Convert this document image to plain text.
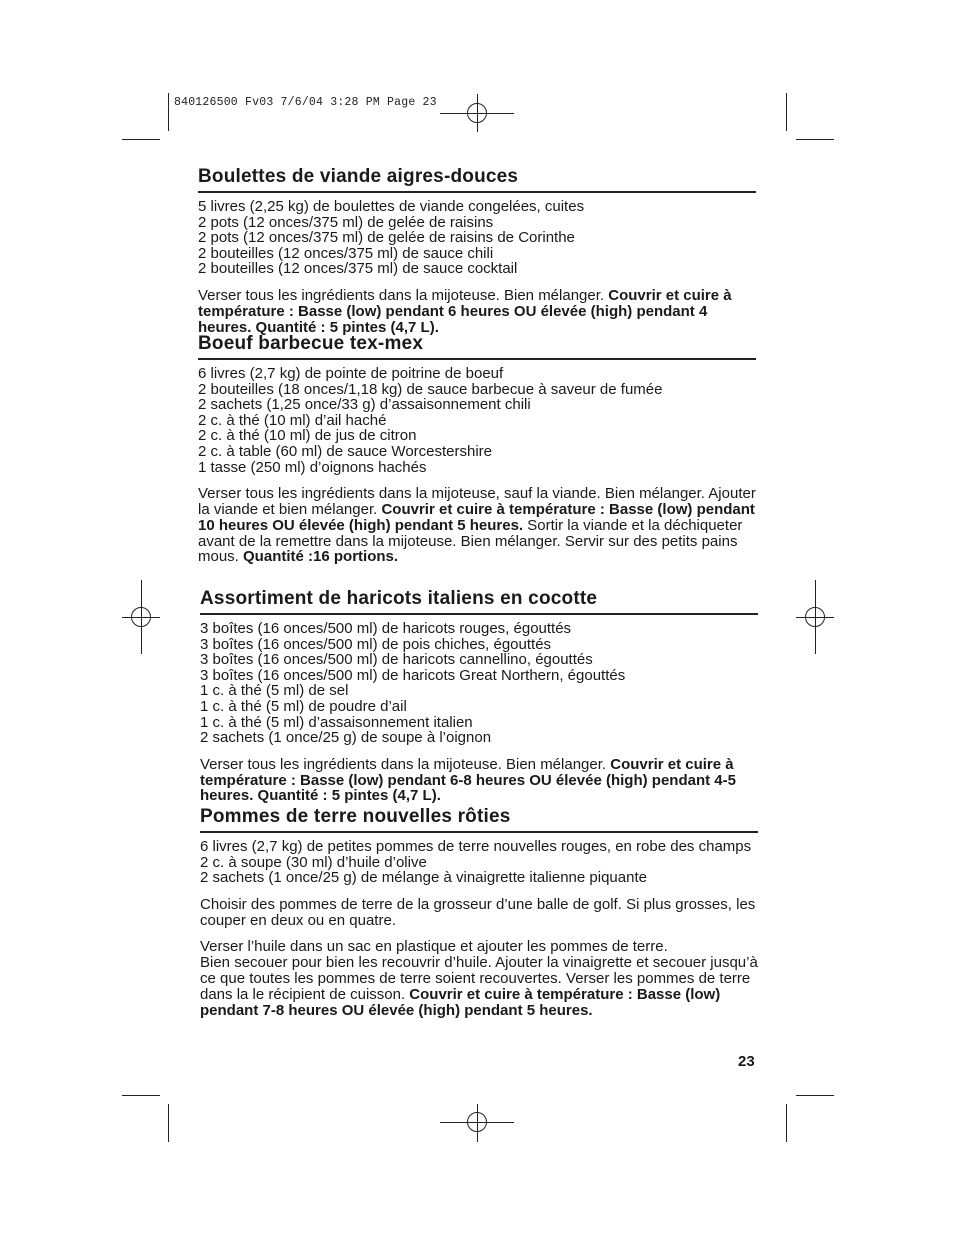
840126500 Fv03 7/6/04 3:28 PM Page 23
Boulettes de viande aigres-douces
5 livres (2,25 kg) de boulettes de viande congelées, cuites
2 pots (12 onces/375 ml) de gelée de raisins
2 pots (12 onces/375 ml) de gelée de raisins de Corinthe
2 bouteilles (12 onces/375 ml) de sauce chili
2 bouteilles (12 onces/375 ml) de sauce cocktail
Verser tous les ingrédients dans la mijoteuse. Bien mélanger. Couvrir et cuire à température : Basse (low) pendant 6 heures OU élevée (high) pendant 4 heures. Quantité : 5 pintes (4,7 L).
Boeuf barbecue tex-mex
6 livres (2,7 kg) de pointe de poitrine de boeuf
2 bouteilles (18 onces/1,18 kg) de sauce barbecue à saveur de fumée
2 sachets (1,25 once/33 g) d’assaisonnement chili
2 c. à thé (10 ml) d’ail haché
2 c. à thé (10 ml) de jus de citron
2 c. à table (60 ml) de sauce Worcestershire
1 tasse (250 ml) d’oignons hachés
Verser tous les ingrédients dans la mijoteuse, sauf la viande. Bien mélanger. Ajouter la viande et bien mélanger. Couvrir et cuire à température : Basse (low) pendant 10 heures OU élevée (high) pendant 5 heures. Sortir la viande et la déchiqueter avant de la remettre dans la mijoteuse. Bien mélanger. Servir sur des petits pains mous. Quantité :16 portions.
Assortiment de haricots italiens en cocotte
3 boîtes (16 onces/500 ml) de haricots rouges, égouttés
3 boîtes (16 onces/500 ml) de pois chiches, égouttés
3 boîtes (16 onces/500 ml) de haricots cannellino, égouttés
3 boîtes (16 onces/500 ml) de haricots Great Northern, égouttés
1 c. à thé (5 ml) de sel
1 c. à thé (5 ml) de poudre d’ail
1 c. à thé (5 ml) d’assaisonnement italien
2 sachets (1 once/25 g) de soupe à l’oignon
Verser tous les ingrédients dans la mijoteuse. Bien mélanger. Couvrir et cuire à température : Basse (low) pendant 6-8 heures OU élevée (high) pendant 4-5 heures. Quantité : 5 pintes (4,7 L).
Pommes de terre nouvelles rôties
6 livres (2,7 kg) de petites pommes de terre nouvelles rouges, en robe des champs
2 c. à soupe (30 ml) d’huile d’olive
2 sachets (1 once/25 g) de mélange à vinaigrette italienne piquante
Choisir des pommes de terre de la grosseur d’une balle de golf. Si plus grosses, les couper en deux ou en quatre.
Verser l’huile dans un sac en plastique et ajouter les pommes de terre.
Bien secouer pour bien les recouvrir d’huile. Ajouter la vinaigrette et secouer jusqu’à ce que toutes les pommes de terre soient recouvertes. Verser les pommes de terre dans la le récipient de cuisson. Couvrir et cuire à température : Basse (low) pendant 7-8 heures OU élevée (high) pendant 5 heures.
23
